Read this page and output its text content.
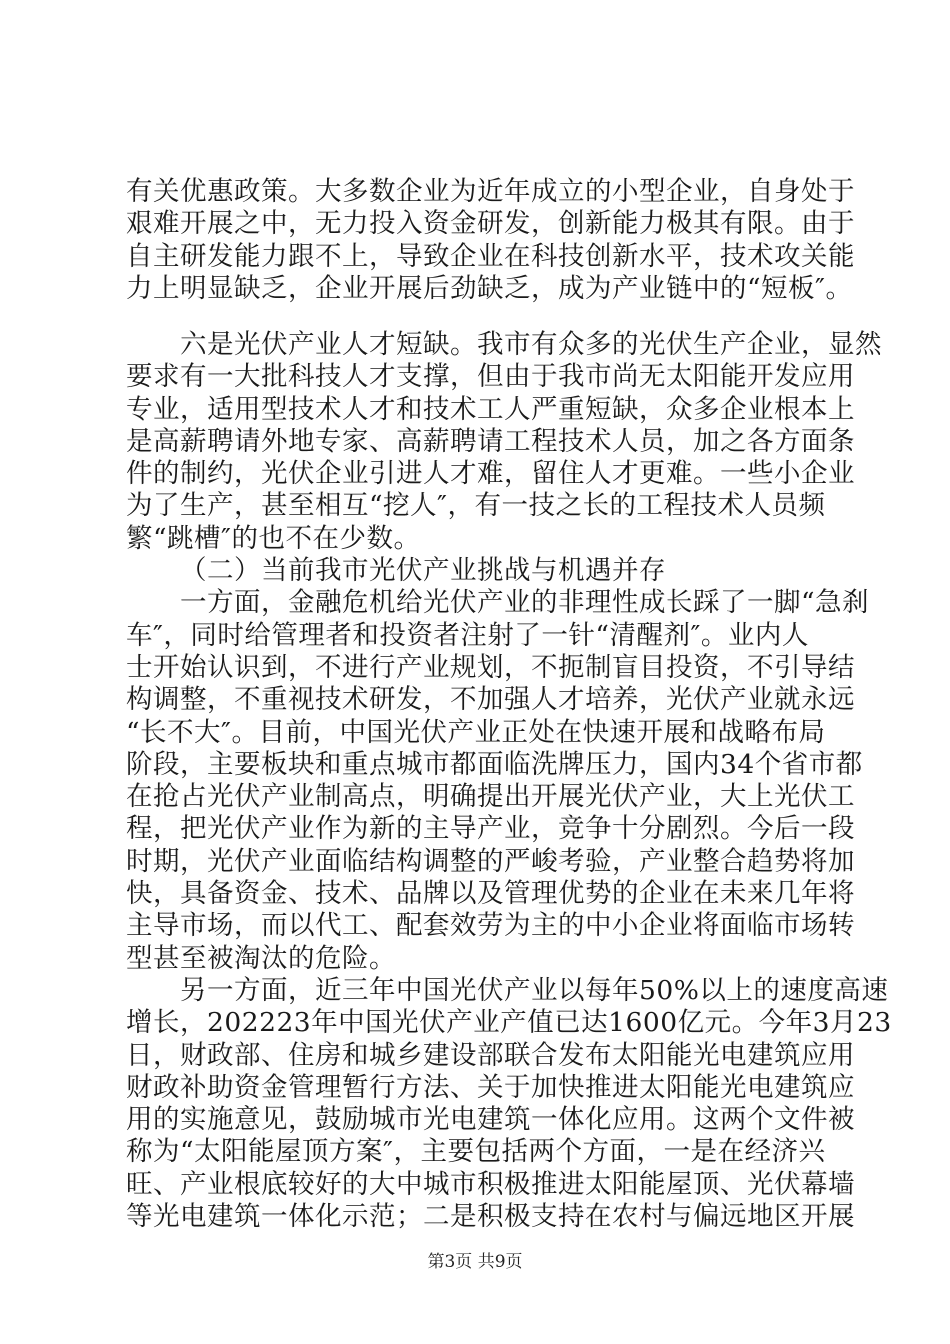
有关优惠政策。大多数企业为近年成立的小型企业，自身处于
艰难开展之中，无力投入资金研发，创新能力极其有限。由于
自主研发能力跟不上，导致企业在科技创新水平，技术攻关能
力上明显缺乏，企业开展后劲缺乏，成为产业链中的“短板″。
六是光伏产业人才短缺。我市有众多的光伏生产企业，显然
要求有一大批科技人才支撑，但由于我市尚无太阳能开发应用
专业，适用型技术人才和技术工人严重短缺，众多企业根本上
是高薪聘请外地专家、高薪聘请工程技术人员，加之各方面条
件的制约，光伏企业引进人才难，留住人才更难。一些小企业
为了生产，甚至相互“挖人″，有一技之长的工程技术人员频
繁“跳槽″的也不在少数。
（二）当前我市光伏产业挑战与机遇并存
一方面，金融危机给光伏产业的非理性成长踩了一脚“急刹
车″，同时给管理者和投资者注射了一针“清醒剂″。业内人
士开始认识到，不进行产业规划，不扼制盲目投资，不引导结
构调整，不重视技术研发，不加强人才培养，光伏产业就永远
“长不大″。目前，中国光伏产业正处在快速开展和战略布局
阶段，主要板块和重点城市都面临洗牌压力，国内34个省市都
在抢占光伏产业制高点，明确提出开展光伏产业，大上光伏工
程，把光伏产业作为新的主导产业，竞争十分剧烈。今后一段
时期，光伏产业面临结构调整的严峻考验，产业整合趋势将加
快，具备资金、技术、品牌以及管理优势的企业在未来几年将
主导市场，而以代工、配套效劳为主的中小企业将面临市场转
型甚至被淘汰的危险。
另一方面，近三年中国光伏产业以每年50%以上的速度高速
增长，202223年中国光伏产业产值已达1600亿元。今年3月23
日，财政部、住房和城乡建设部联合发布太阳能光电建筑应用
财政补助资金管理暂行方法、关于加快推进太阳能光电建筑应
用的实施意见，鼓励城市光电建筑一体化应用。这两个文件被
称为“太阳能屋顶方案″，主要包括两个方面，一是在经济兴
旺、产业根底较好的大中城市积极推进太阳能屋顶、光伏幕墙
等光电建筑一体化示范；二是积极支持在农村与偏远地区开展
第3页 共9页
